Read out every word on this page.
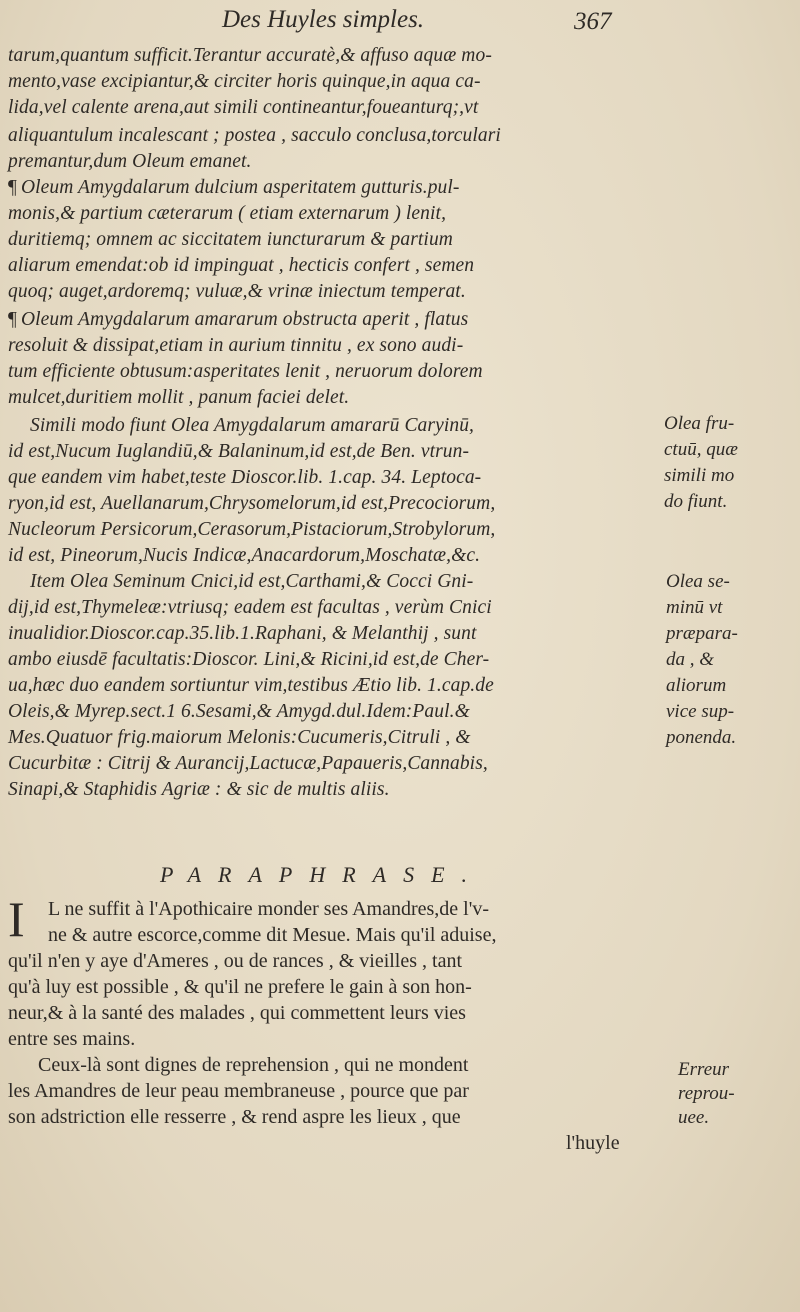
Des Huyles simples.	367
tarum,quantum sufficit.Terantur accuratè,& affuso aquæ mo-
mento,vase excipiantur,& circiter horis quinque,in aqua ca-
lida,vel calente arena,aut simili contineantur,foueanturq;,vt
aliquantulum incalescant ; postea , sacculo conclusa,torculari
premantur,dum Oleum emanet.
¶ Oleum Amygdalarum dulcium asperitatem gutturis.pul-
monis,& partium cæterarum ( etiam externarum ) lenit,
duritiemq; omnem ac siccitatem iuncturarum & partium
aliarum emendat:ob id impinguat , hecticis confert , semen
quoq; auget,ardoremq; vuluæ,& vrinæ iniectum temperat.
¶ Oleum Amygdalarum amararum obstructa aperit , flatus
resoluit & dissipat,etiam in aurium tinnitu , ex sono audi-
tum efficiente obtusum:asperitates lenit , neruorum dolorem
mulcet,duritiem mollit , panum faciei delet.
Simili modo fiunt Olea Amygdalarum amararū Caryinū,
id est,Nucum Iuglandiū,& Balaninum,id est,de Ben. vtrun-
que eandem vim habet,teste Dioscor.lib. 1.cap. 34. Leptoca-
ryon,id est, Auellanarum,Chrysomelorum,id est,Precociorum,
Nucleorum Persicorum,Cerasorum,Pistaciorum,Strobylorum,
id est, Pineorum,Nucis Indicæ,Anacardorum,Moschatæ,&c.
Item Olea Seminum Cnici,id est,Carthami,& Cocci Gni-
dij,id est,Thymeleæ:vtriusq; eadem est facultas , verùm Cnici
inualidior.Dioscor.cap.35.lib.1.Raphani, & Melanthij , sunt
ambo eiusdē facultatis:Dioscor. Lini,& Ricini,id est,de Cher-
ua,hæc duo eandem sortiuntur vim,testibus Ætio lib. 1.cap.de
Oleis,& Myrep.sect.1 6.Sesami,& Amygd.dul.Idem:Paul.&
Mes.Quatuor frig.maiorum Melonis:Cucumeris,Citruli , &
Cucurbitæ : Citrij & Aurancij,Lactucæ,Papaueris,Cannabis,
Sinapi,& Staphidis Agriæ : & sic de multis aliis.
Olea fru-
ctuū, quæ
simili mo
do fiunt.
Olea se-
minū vt
præpara-
da , &
aliorum
vice sup-
ponenda.
PARAPHRASE.
I L ne suffit à l'Apothicaire monder ses Amandres,de l'v-
ne & autre escorce,comme dit Mesue. Mais qu'il aduise,
qu'il n'en y aye d'Ameres , ou de rances , & vieilles , tant
qu'à luy est possible , & qu'il ne prefere le gain à son hon-
neur,& à la santé des malades , qui commettent leurs vies
entre ses mains.
Ceux-là sont dignes de reprehension , qui ne mondent
les Amandres de leur peau membraneuse , pource que par
son adstriction elle resserre , & rend aspre les lieux , que
l'huyle
Erreur
reprou-
uee.
